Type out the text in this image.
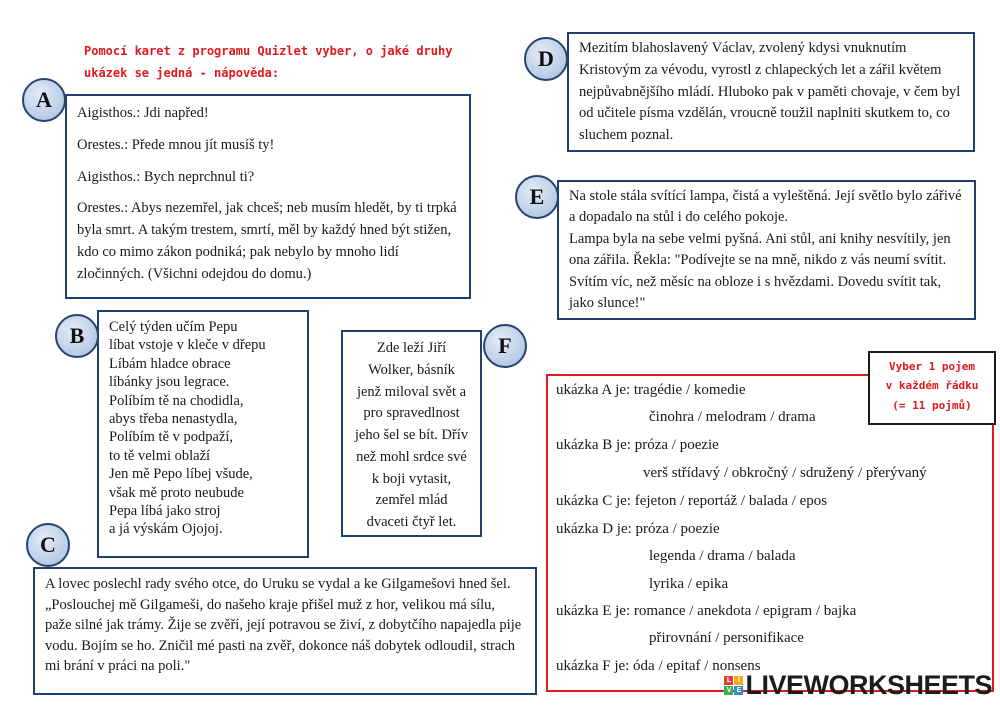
Pomocí karet z programu Quizlet vyber, o jaké druhy
ukázek se jedná - nápověda:

Aigisthos.: Jdi napřed!

Orestes.: Přede mnou jít musíš ty!

Aigisthos.: Bych neprchnul ti?

Orestes.: Abys nezemřel, jak chceš; neb musím hledět, by ti trpká byla smrt. A takým trestem, smrtí, měl by každý hned být stižen, kdo co mimo zákon podniká; pak nebylo by mnoho lidí zločinných. (Všichni odejdou do domu.)

A

Celý týden učím Pepu

líbat vstoje v kleče v dřepu

Líbám hladce obrace

líbánky jsou legrace.

Políbím tě na chodidla,

abys třeba nenastydla,

Políbím tě v podpaží,

to tě velmi oblaží

Jen mě Pepo líbej všude,

však mě proto neubude

Pepa líbá jako stroj

a já výskám Ojojoj.

B	Zde leží Jiří

Wolker, básník

jenž miloval svět a

pro spravedlnost

jeho šel se bít. Dřív

než mohl srdce své

k boji vytasit,

zemřel mlád

dvaceti čtyř let.

F

A lovec poslechl rady svého otce, do Uruku se vydal a ke Gilgamešovi hned šel.

„Poslouchej mě Gilgameši, do našeho kraje přišel muž z hor, velikou má sílu, paže silné jak trámy. Žije se zvěří, její potravou se živí, z dobytčího napajedla pije vodu. Bojím se ho. Zničil mé pasti na zvěř, dokonce náš dobytek odloudil, strach mi brání v práci na poli."

C

Mezitím blahoslavený Václav, zvolený kdysi vnuknutím Kristovým za vévodu, vyrostl z chlapeckých let a zářil květem nejpůvabnějšího mládí. Hluboko pak v paměti chovaje, v čem byl od učitele písma vzdělán, vroucně toužil naplniti skutkem to, co sluchem poznal.

D

Na stole stála svítící lampa, čistá a vyleštěná. Její světlo bylo zářivé a dopadalo na stůl i do celého pokoje.

Lampa byla na sebe velmi pyšná. Ani stůl, ani knihy nesvítily, jen ona zářila. Řekla: "Podívejte se na mně, nikdo z vás neumí svítit. Svítím víc, než měsíc na obloze i s hvězdami. Dovedu svítit tak, jako slunce!"

E
ukázka A je: tragédie / komedie
činohra / melodram / drama
ukázka B je: próza / poezie
verš střídavý / obkročný / sdružený / přerývaný
ukázka C je: fejeton / reportáž / balada / epos
ukázka D je: próza / poezie
legenda / drama / balada
lyrika / epika
ukázka E je: romance / anekdota / epigram / bajka
přirovnání / personifikace
ukázka F je: óda / epitaf / nonsens
Vyber 1 pojem
v každém řádku
(= 11 pojmů)
L I
V E LIVEWORKSHEETS
